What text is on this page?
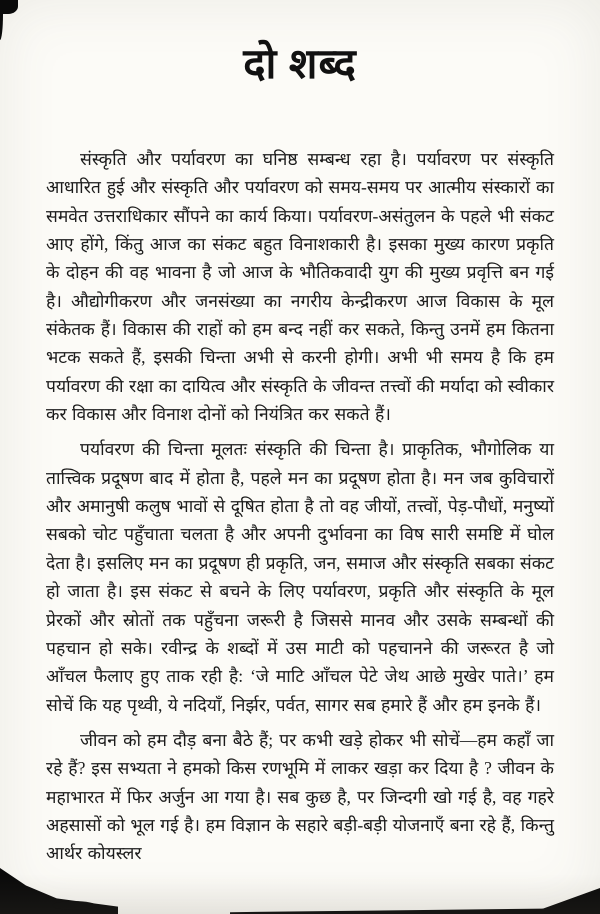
दो शब्द

संस्कृति और पर्यावरण का घनिष्ठ सम्बन्ध रहा है। पर्यावरण पर संस्कृति आधारित हुई और संस्कृति और पर्यावरण को समय-समय पर आत्मीय संस्कारों का समवेत उत्तराधिकार सौंपने का कार्य किया। पर्यावरण-असंतुलन के पहले भी संकट आए होंगे, किंतु आज का संकट बहुत विनाशकारी है। इसका मुख्य कारण प्रकृति के दोहन की वह भावना है जो आज के भौतिकवादी युग की मुख्य प्रवृत्ति बन गई है। औद्योगीकरण और जनसंख्या का नगरीय केन्द्रीकरण आज विकास के मूल संकेतक हैं। विकास की राहों को हम बन्द नहीं कर सकते, किन्तु उनमें हम कितना भटक सकते हैं, इसकी चिन्ता अभी से करनी होगी। अभी भी समय है कि हम पर्यावरण की रक्षा का दायित्व और संस्कृति के जीवन्त तत्त्वों की मर्यादा को स्वीकार कर विकास और विनाश दोनों को नियंत्रित कर सकते हैं।

पर्यावरण की चिन्ता मूलतः संस्कृति की चिन्ता है। प्राकृतिक, भौगोलिक या तात्त्विक प्रदूषण बाद में होता है, पहले मन का प्रदूषण होता है। मन जब कुविचारों और अमानुषी कलुष भावों से दूषित होता है तो वह जीयों, तत्त्वों, पेड़-पौधों, मनुष्यों सबको चोट पहुँचाता चलता है और अपनी दुर्भावना का विष सारी समष्टि में घोल देता है। इसलिए मन का प्रदूषण ही प्रकृति, जन, समाज और संस्कृति सबका संकट हो जाता है। इस संकट से बचने के लिए पर्यावरण, प्रकृति और संस्कृति के मूल प्रेरकों और स्रोतों तक पहुँचना जरूरी है जिससे मानव और उसके सम्बन्धों की पहचान हो सके। रवीन्द्र के शब्दों में उस माटी को पहचानने की जरूरत है जो आँचल फैलाए हुए ताक रही है: ‘जे माटि आँचल पेटे जेथ आछे मुखेर पाते।’ हम सोचें कि यह पृथ्वी, ये नदियाँ, निर्झर, पर्वत, सागर सब हमारे हैं और हम इनके हैं।

जीवन को हम दौड़ बना बैठे हैं; पर कभी खड़े होकर भी सोचें—हम कहाँ जा रहे हैं? इस सभ्यता ने हमको किस रणभूमि में लाकर खड़ा कर दिया है ? जीवन के महाभारत में फिर अर्जुन आ गया है। सब कुछ है, पर जिन्दगी खो गई है, वह गहरे अहसासों को भूल गई है। हम विज्ञान के सहारे बड़ी-बड़ी योजनाएँ बना रहे हैं, किन्तु आर्थर कोयस्लर
